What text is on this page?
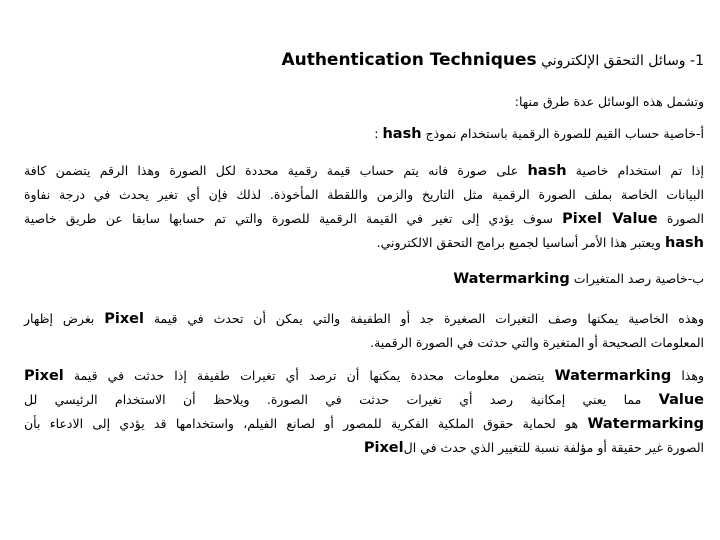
1- وسائل التحقق الإلكتروني Authentication Techniques
وتشمل هذه الوسائل عدة طرق منها:
أ-خاصية حساب القيم للصورة الرقمية باستخدام نموذج hash :
إذا تم استخدام خاصية hash على صورة فانه يتم حساب قيمة رقمية محددة لكل الصورة وهذا الرقم يتضمن كافة
البيانات الخاصة بملف الصورة الرقمية مثل التاريخ والزمن واللقطة المأخوذة. لذلك فإن أي تغير يحدث في درجة نفاوة
الصورة Pixel Value سوف يؤدي إلى تغير في القيمة الرقمية للصورة والتي تم حسابها سابقا عن طريق خاصية
hash ويعتبر هذا الأمر أساسيا لجميع برامج التحقق الالكتروني.
ب-خاصية رصد المتغيرات Watermarking
وهذه الخاصية يمكنها وصف التغيرات الصغيرة جد أو الطفيفة والتي يمكن أن تحدث في قيمة Pixel بغرض إظهار
المعلومات الصحيحة أو المتغيرة والتي حدثت في الصورة الرقمية.
وهذا Watermarking يتضمن معلومات محددة يمكنها أن ترصد أي تغيرات طفيفة إذا حدثت في قيمة Pixel
Value مما يعني إمكانية رصد أي تغيرات حدثت في الصورة. ويلاحظ أن الاستخدام الرئيسي لل
Watermarking هو لحماية حقوق الملكية الفكرية للمصور أو لصانع الفيلم، واستخدامها قد يؤدي إلى الادعاء بأن
الصورة غير حقيقة أو مؤلفة نسبة للتغيير الذي حدث في الPixel
